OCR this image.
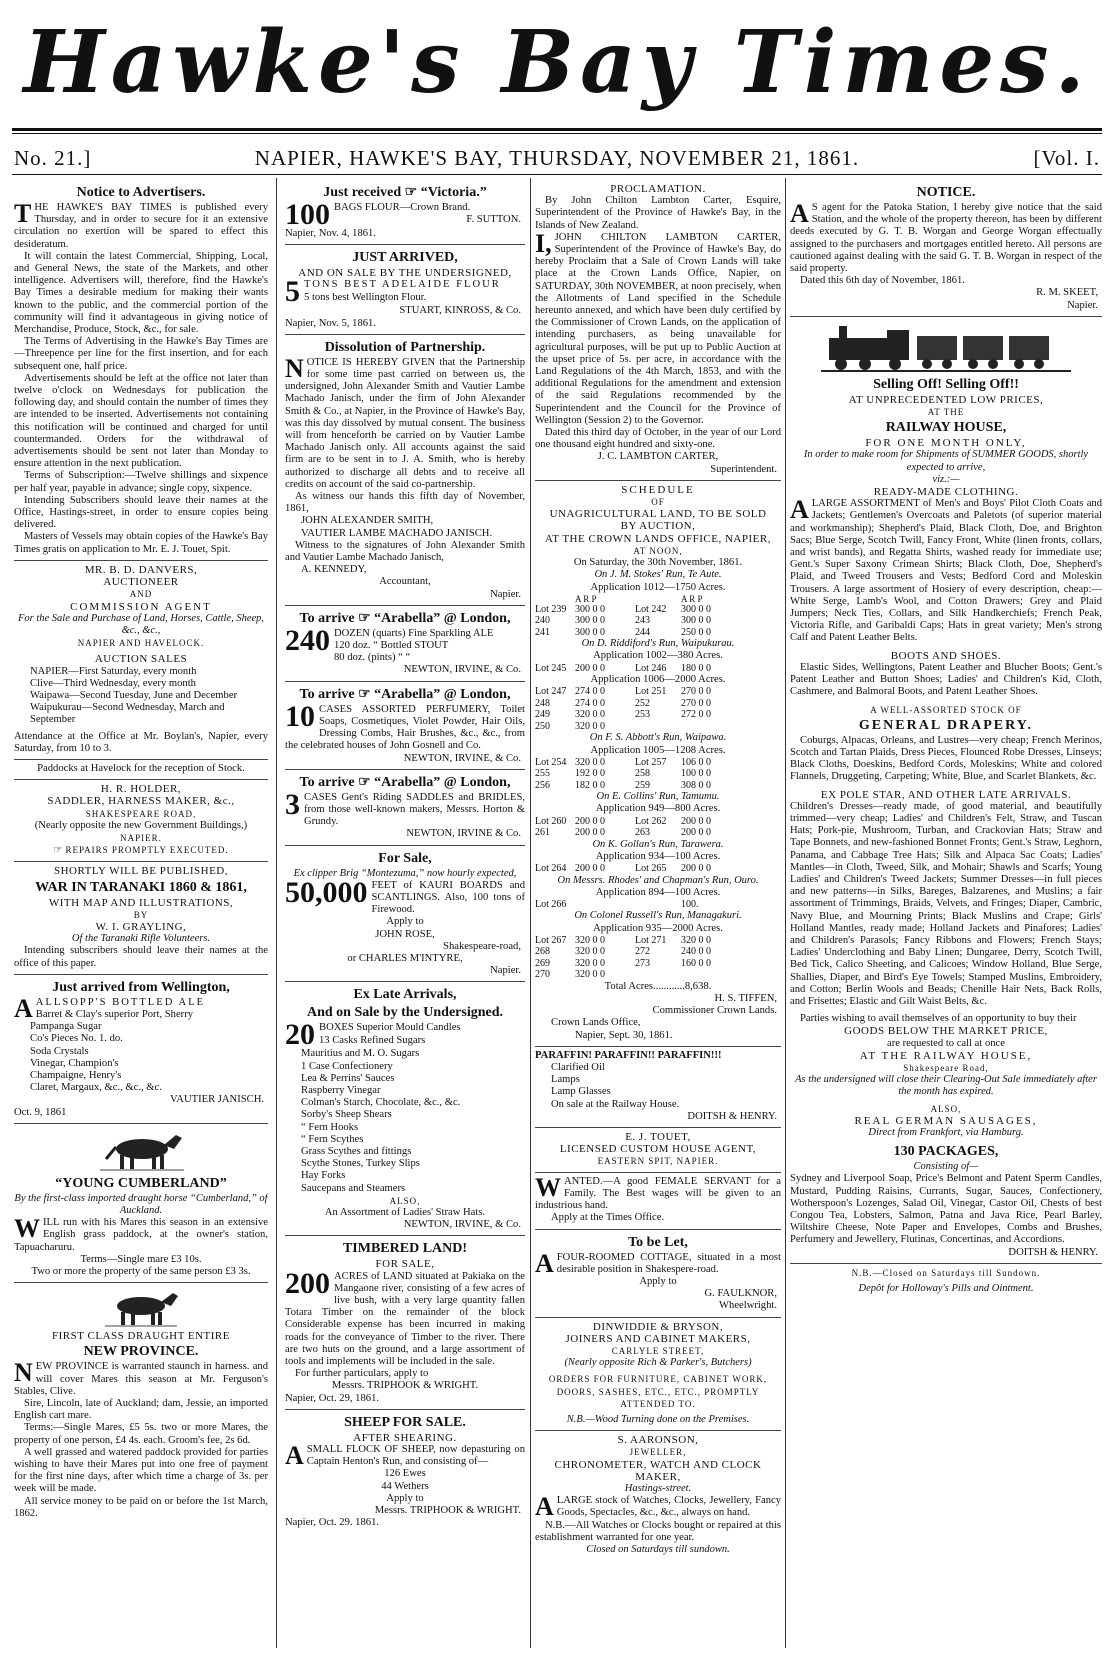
Hawke's Bay Times.
No. 21.]	NAPIER, HAWKE'S BAY, THURSDAY, NOVEMBER 21, 1861.	[Vol. I.
Notice to Advertisers.
THE HAWKE'S BAY TIMES is published every Thursday, and in order to secure for it an extensive circulation no exertion will be spared to effect this desideratum.
It will contain the latest Commercial, Shipping, Local, and General News, the state of the Markets, and other intelligence. Advertisers will, therefore, find the Hawke's Bay Times a desirable medium for making their wants known to the public, and the commercial portion of the community will find it advantageous in giving notice of Merchandise, Produce, Stock, &c., for sale.
The Terms of Advertising in the Hawke's Bay Times are—Threepence per line for the first insertion, and for each subsequent one, half price.
Advertisements should be left at the office not later than twelve o'clock on Wednesdays for publication the following day, and should contain the number of times they are intended to be inserted. Advertisements not containing this notification will be continued and charged for until countermanded. Orders for the withdrawal of advertisements should be sent not later than Monday to ensure attention in the next publication.
Terms of Subscription:—Twelve shillings and sixpence per half year, payable in advance; single copy, sixpence.
Intending Subscribers should leave their names at the Office, Hastings-street, in order to ensure copies being delivered.
Masters of Vessels may obtain copies of the Hawke's Bay Times gratis on application to Mr. E. J. Touet, Spit.
MR. B. D. DANVERS,
AUCTIONEER
AND
COMMISSION AGENT
For the Sale and Purchase of Land, Horses, Cattle, Sheep, &c., &c.,
NAPIER AND HAVELOCK.
AUCTION SALES
NAPIER—First Saturday, every month
Clive—Third Wednesday, every month
Waipawa—Second Tuesday, June and December
Waipukurau—Second Wednesday, March and September
Attendance at the Office at Mr. Boylan's, Napier, every Saturday, from 10 to 3.
Paddocks at Havelock for the reception of Stock.
H. R. HOLDER,
SADDLER, HARNESS MAKER, &c.,
SHAKESPEARE ROAD,
(Nearly opposite the new Government Buildings,)
NAPIER.
☞ REPAIRS PROMPTLY EXECUTED.
SHORTLY WILL BE PUBLISHED,
WAR IN TARANAKI 1860 & 1861,
WITH MAP AND ILLUSTRATIONS,
BY
W. I. GRAYLING,
Of the Taranaki Rifle Volunteers.
Intending subscribers should leave their names at the office of this paper.
Just arrived from Wellington,
AALLSOPP'S BOTTLED ALE
Barret & Clay's superior Port, Sherry
Pampanga Sugar
Co's Pieces No. 1. do.
Soda Crystals
Vinegar, Champion's
Champaigne, Henry's
Claret, Margaux, &c., &c., &c.
VAUTIER JANISCH.
Oct. 9, 1861
“YOUNG CUMBERLAND”
By the first-class imported draught horse “Cumberland,” of Auckland.
WILL run with his Mares this season in an extensive English grass paddock, at the owner's station, Tapuacharuru.
Terms—Single mare £3 10s.
Two or more the property of the same person £3 3s.
FIRST CLASS DRAUGHT ENTIRE
NEW PROVINCE.
NEW PROVINCE is warranted staunch in harness. and will cover Mares this season at Mr. Ferguson's Stables, Clive.
Sire, Lincoln, late of Auckland; dam, Jessie, an imported English cart mare.
Terms:—Single Mares, £5 5s. two or more Mares, the property of one person, £4 4s. each. Groom's fee, 2s 6d.
A well grassed and watered paddock provided for parties wishing to have their Mares put into one free of payment for the first nine days, after which time a charge of 3s. per week will be made.
All service money to be paid on or before the 1st March, 1862.
Just received ☞ “Victoria.”
100 BAGS FLOUR—Crown Brand.
F. SUTTON.
Napier, Nov. 4, 1861.
JUST ARRIVED,
AND ON SALE BY THE UNDERSIGNED,
5 TONS BEST ADELAIDE FLOUR
5 tons best Wellington Flour.
STUART, KINROSS, & Co.
Napier, Nov. 5, 1861.
Dissolution of Partnership.
NOTICE IS HEREBY GIVEN that the Partnership for some time past carried on between us, the undersigned, John Alexander Smith and Vautier Lambe Machado Janisch, under the firm of John Alexander Smith & Co., at Napier, in the Province of Hawke's Bay, was this day dissolved by mutual consent. The business will from henceforth be carried on by Vautier Lambe Machado Janisch only. All accounts against the said firm are to be sent in to J. A. Smith, who is hereby authorized to discharge all debts and to receive all credits on account of the said co-partnership.
As witness our hands this fifth day of November, 1861,
JOHN ALEXANDER SMITH,
VAUTIER LAMBE MACHADO JANISCH.
Witness to the signatures of John Alexander Smith and Vautier Lambe Machado Janisch,
A. KENNEDY,
Accountant,
Napier.
To arrive ☞ “Arabella” @ London,
240 DOZEN (quarts) Fine Sparkling ALE
120 doz. “ Bottled STOUT
80 doz. (pints) “ “
NEWTON, IRVINE, & Co.
To arrive ☞ “Arabella” @ London,
10 CASES ASSORTED PERFUMERY, Toilet Soaps, Cosmetiques, Violet Powder, Hair Oils, Dressing Combs, Hair Brushes, &c., &c., from the celebrated houses of John Gosnell and Co.
NEWTON, IRVINE, & Co.
To arrive ☞ “Arabella” @ London,
3 CASES Gent's Riding SADDLES and BRIDLES, from those well-known makers, Messrs. Horton & Grundy.
NEWTON, IRVINE & Co.
For Sale,
Ex clipper Brig “Montezuma,” now hourly expected,
50,000 FEET of KAURI BOARDS and SCANTLINGS. Also, 100 tons of Firewood.
Apply to
JOHN ROSE,
Shakespeare-road,
or CHARLES M'INTYRE,
Napier.
Ex Late Arrivals,
And on Sale by the Undersigned.
20 BOXES Superior Mould Candles
13 Casks Refined Sugars
Mauritius and M. O. Sugars
1 Case Confectionery
Lea & Perrins' Sauces
Raspberry Vinegar
Colman's Starch, Chocolate, &c., &c.
Sorby's Sheep Shears
“ Fern Hooks
“ Fern Scythes
Grass Scythes and fittings
Scythe Stones, Turkey Slips
Hay Forks
Saucepans and Steamers
ALSO,
An Assortment of Ladies' Straw Hats.
NEWTON, IRVINE, & Co.
TIMBERED LAND!
FOR SALE,
200 ACRES of LAND situated at Pakiaka on the Mangaone river, consisting of a few acres of live bush, with a very large quantity fallen Totara Timber on the remainder of the block Considerable expense has been incurred in making roads for the conveyance of Timber to the river. There are two huts on the ground, and a large assortment of tools and implements will be included in the sale.
For further particulars, apply to
Messrs. TRIPHOOK & WRIGHT.
Napier, Oct. 29, 1861.
SHEEP FOR SALE.
AFTER SHEARING.
ASMALL FLOCK OF SHEEP, now depasturing on Captain Henton's Run, and consisting of—
126 Ewes
44 Wethers
Apply to
Messrs. TRIPHOOK & WRIGHT.
Napier, Oct. 29. 1861.
PROCLAMATION.
By John Chilton Lambton Carter, Esquire, Superintendent of the Province of Hawke's Bay, in the Islands of New Zealand.
I, JOHN CHILTON LAMBTON CARTER, Superintendent of the Province of Hawke's Bay, do hereby Proclaim that a Sale of Crown Lands will take place at the Crown Lands Office, Napier, on SATURDAY, 30th NOVEMBER, at noon precisely, when the Allotments of Land specified in the Schedule hereunto annexed, and which have been duly certified by the Commissioner of Crown Lands, on the application of intending purchasers, as being unavailable for agricultural purposes, will be put up to Public Auction at the upset price of 5s. per acre, in accordance with the Land Regulations of the 4th March, 1853, and with the additional Regulations for the amendment and extension of the said Regulations recommended by the Superintendent and the Council for the Province of Wellington (Session 2) to the Governor.
Dated this third day of October, in the year of our Lord one thousand eight hundred and sixty-one.
J. C. LAMBTON CARTER,
Superintendent.
SCHEDULE
OF
UNAGRICULTURAL LAND, TO BE SOLD
BY AUCTION,
AT THE CROWN LANDS OFFICE, NAPIER,
AT NOON,
On Saturday, the 30th November, 1861.
On J. M. Stokes' Run, Te Aute.
Application 1012—1750 Acres.
A R P	A R P
Lot 239 300 0 0	Lot 242	300 0 0
240	300 0 0	243	300 0 0
241	300 0 0	244	250 0 0
On D. Riddiford's Run, Waipukurau.
Application 1002—380 Acres.
Lot 245 200 0 0	Lot 246	180 0 0
Application 1006—2000 Acres.
Lot 247 274 0 0	Lot 251	270 0 0
248	274 0 0	252	270 0 0
249	320 0 0	253	272 0 0
250	320 0 0
On F. S. Abbott's Run, Waipawa.
Application 1005—1208 Acres.
Lot 254 320 0 0	Lot 257	106 0 0
255	192 0 0	258	100 0 0
256	182 0 0	259	308 0 0
On E. Collins' Run, Tamumu.
Application 949—800 Acres.
Lot 260 200 0 0	Lot 262	200 0 0
261	200 0 0	263	200 0 0
On K. Gollan's Run, Tarawera.
Application 934—100 Acres.
Lot 264 200 0 0	Lot 265	200 0 0
On Messrs. Rhodes' and Chapman's Run, Ouro.
Application 894—100 Acres.
Lot 266	100.
On Colonel Russell's Run, Managakuri.
Application 935—2000 Acres.
Lot 267 320 0 0	Lot 271	320 0 0
268	320 0 0	272	240 0 0
269	320 0 0	273	160 0 0
270	320 0 0
Total Acres............8,638.
H. S. TIFFEN,
Commissioner Crown Lands.
Crown Lands Office,
Napier, Sept. 30, 1861.
PARAFFIN! PARAFFIN!! PARAFFIN!!!
Clarified Oil
Lamps
Lamp Glasses
On sale at the Railway House.
DOITSH & HENRY.
E. J. TOUET,
LICENSED CUSTOM HOUSE AGENT,
EASTERN SPIT, NAPIER.
WANTED.—A good FEMALE SERVANT for a Family. The Best wages will be given to an industrious hand.
Apply at the Times Office.
To be Let,
AFOUR-ROOMED COTTAGE, situated in a most desirable position in Shakespere-road.
Apply to
G. FAULKNOR,
Wheelwright.
DINWIDDIE & BRYSON,
JOINERS AND CABINET MAKERS,
CARLYLE STREET,
(Nearly opposite Rich & Parker's, Butchers)
ORDERS FOR FURNITURE, CABINET WORK, DOORS, SASHES, ETC., ETC., PROMPTLY ATTENDED TO.
N.B.—Wood Turning done on the Premises.
S. AARONSON,
JEWELLER,
CHRONOMETER, WATCH AND CLOCK MAKER,
Hastings-street.
ALARGE stock of Watches, Clocks, Jewellery, Fancy Goods, Spectacles, &c., &c., always on hand.
N.B.—All Watches or Clocks bought or repaired at this establishment warranted for one year.
Closed on Saturdays till sundown.
NOTICE.
A S agent for the Patoka Station, I hereby give notice that the said Station, and the whole of the property thereon, has been by different deeds executed by G. T. B. Worgan and George Worgan effectually assigned to the purchasers and mortgages entitled hereto. All persons are cautioned against dealing with the said G. T. B. Worgan in respect of the said property.
Dated this 6th day of November, 1861.
R. M. SKEET,
Napier.
Selling Off! Selling Off!!
AT UNPRECEDENTED LOW PRICES,
AT THE
RAILWAY HOUSE,
FOR ONE MONTH ONLY,
In order to make room for Shipments of SUMMER GOODS, shortly expected to arrive,
viz.:—
READY-MADE CLOTHING.
ALARGE ASSORTMENT of Men's and Boys' Pilot Cloth Coats and Jackets; Gentlemen's Overcoats and Paletots (of superior material and workmanship); Shepherd's Plaid, Black Cloth, Doe, and Brighton Sacs; Blue Serge, Scotch Twill, Fancy Front, White (linen fronts, collars, and wrist bands), and Regatta Shirts, washed ready for immediate use; Gent.'s Super Saxony Crimean Shirts; Black Cloth, Doe, Shepherd's Plaid, and Tweed Trousers and Vests; Bedford Cord and Moleskin Trousers. A large assortment of Hosiery of every description, cheap:—White Serge, Lamb's Wool, and Cotton Drawers; Grey and Plaid Jumpers; Neck Ties, Collars, and Silk Handkerchiefs; French Peak, Victoria Rifle, and Garibaldi Caps; Hats in great variety; Men's strong Calf and Patent Leather Belts.
BOOTS AND SHOES.
Elastic Sides, Wellingtons, Patent Leather and Blucher Boots; Gent.'s Patent Leather and Button Shoes; Ladies' and Children's Kid, Cloth, Cashmere, and Balmoral Boots, and Patent Leather Shoes.
A WELL-ASSORTED STOCK OF
GENERAL DRAPERY.
Coburgs, Alpacas, Orleans, and Lustres—very cheap; French Merinos, Scotch and Tartan Plaids, Dress Pieces, Flounced Robe Dresses, Linseys; Black Cloths, Doeskins, Bedford Cords, Moleskins; White and colored Flannels, Druggeting, Carpeting; White, Blue, and Scarlet Blankets, &c.
EX POLE STAR, AND OTHER LATE ARRIVALS.
Children's Dresses—ready made, of good material, and beautifully trimmed—very cheap; Ladies' and Children's Felt, Straw, and Tuscan Hats; Pork-pie, Mushroom, Turban, and Crackovian Hats; Straw and Tape Bonnets, and new-fashioned Bonnet Fronts; Gent.'s Straw, Leghorn, Panama, and Cabbage Tree Hats; Silk and Alpaca Sac Coats; Ladies' Mantles—in Cloth, Tweed, Silk, and Mohair; Shawls and Scarfs; Young Ladies' and Children's Tweed Jackets; Summer Dresses—in full pieces and new patterns—in Silks, Bareges, Balzarenes, and Muslins; a fair assortment of Trimmings, Braids, Velvets, and Fringes; Diaper, Cambric, Navy Blue, and Mourning Prints; Black Muslins and Crape; Girls' Holland Mantles, ready made; Holland Jackets and Pinafores; Ladies' and Children's Parasols; Fancy Ribbons and Flowers; French Stays; Ladies' Underclothing and Baby Linen; Dungaree, Derry, Scotch Twill, Bed Tick, Calico Sheeting, and Calicoes; Window Holland, Blue Serge, Shallies, Diaper, and Bird's Eye Towels; Stamped Muslins, Embroidery, and Cotton; Berlin Wools and Beads; Chenille Hair Nets, Back Rolls, and Frisettes; Elastic and Gilt Waist Belts, &c.
Parties wishing to avail themselves of an opportunity to buy their
GOODS BELOW THE MARKET PRICE,
are requested to call at once
AT THE RAILWAY HOUSE,
Shakespeare Road,
As the undersigned will close their Clearing-Out Sale immediately after the month has expired.
ALSO,
REAL GERMAN SAUSAGES,
Direct from Frankfort, via Hamburg.
130 PACKAGES,
Consisting of—
Sydney and Liverpool Soap, Price's Belmont and Patent Sperm Candles, Mustard, Pudding Raisins, Currants, Sugar, Sauces, Confectionery, Wotherspoon's Lozenges, Salad Oil, Vinegar, Castor Oil, Chests of best Congou Tea, Lobsters, Salmon, Patna and Java Rice, Pearl Barley, Wiltshire Cheese, Note Paper and Envelopes, Combs and Brushes, Perfumery and Jewellery, Flutinas, Concertinas, and Accordions.
DOITSH & HENRY.
N.B.—Closed on Saturdays till Sundown.
Depôt for Holloway's Pills and Ointment.
